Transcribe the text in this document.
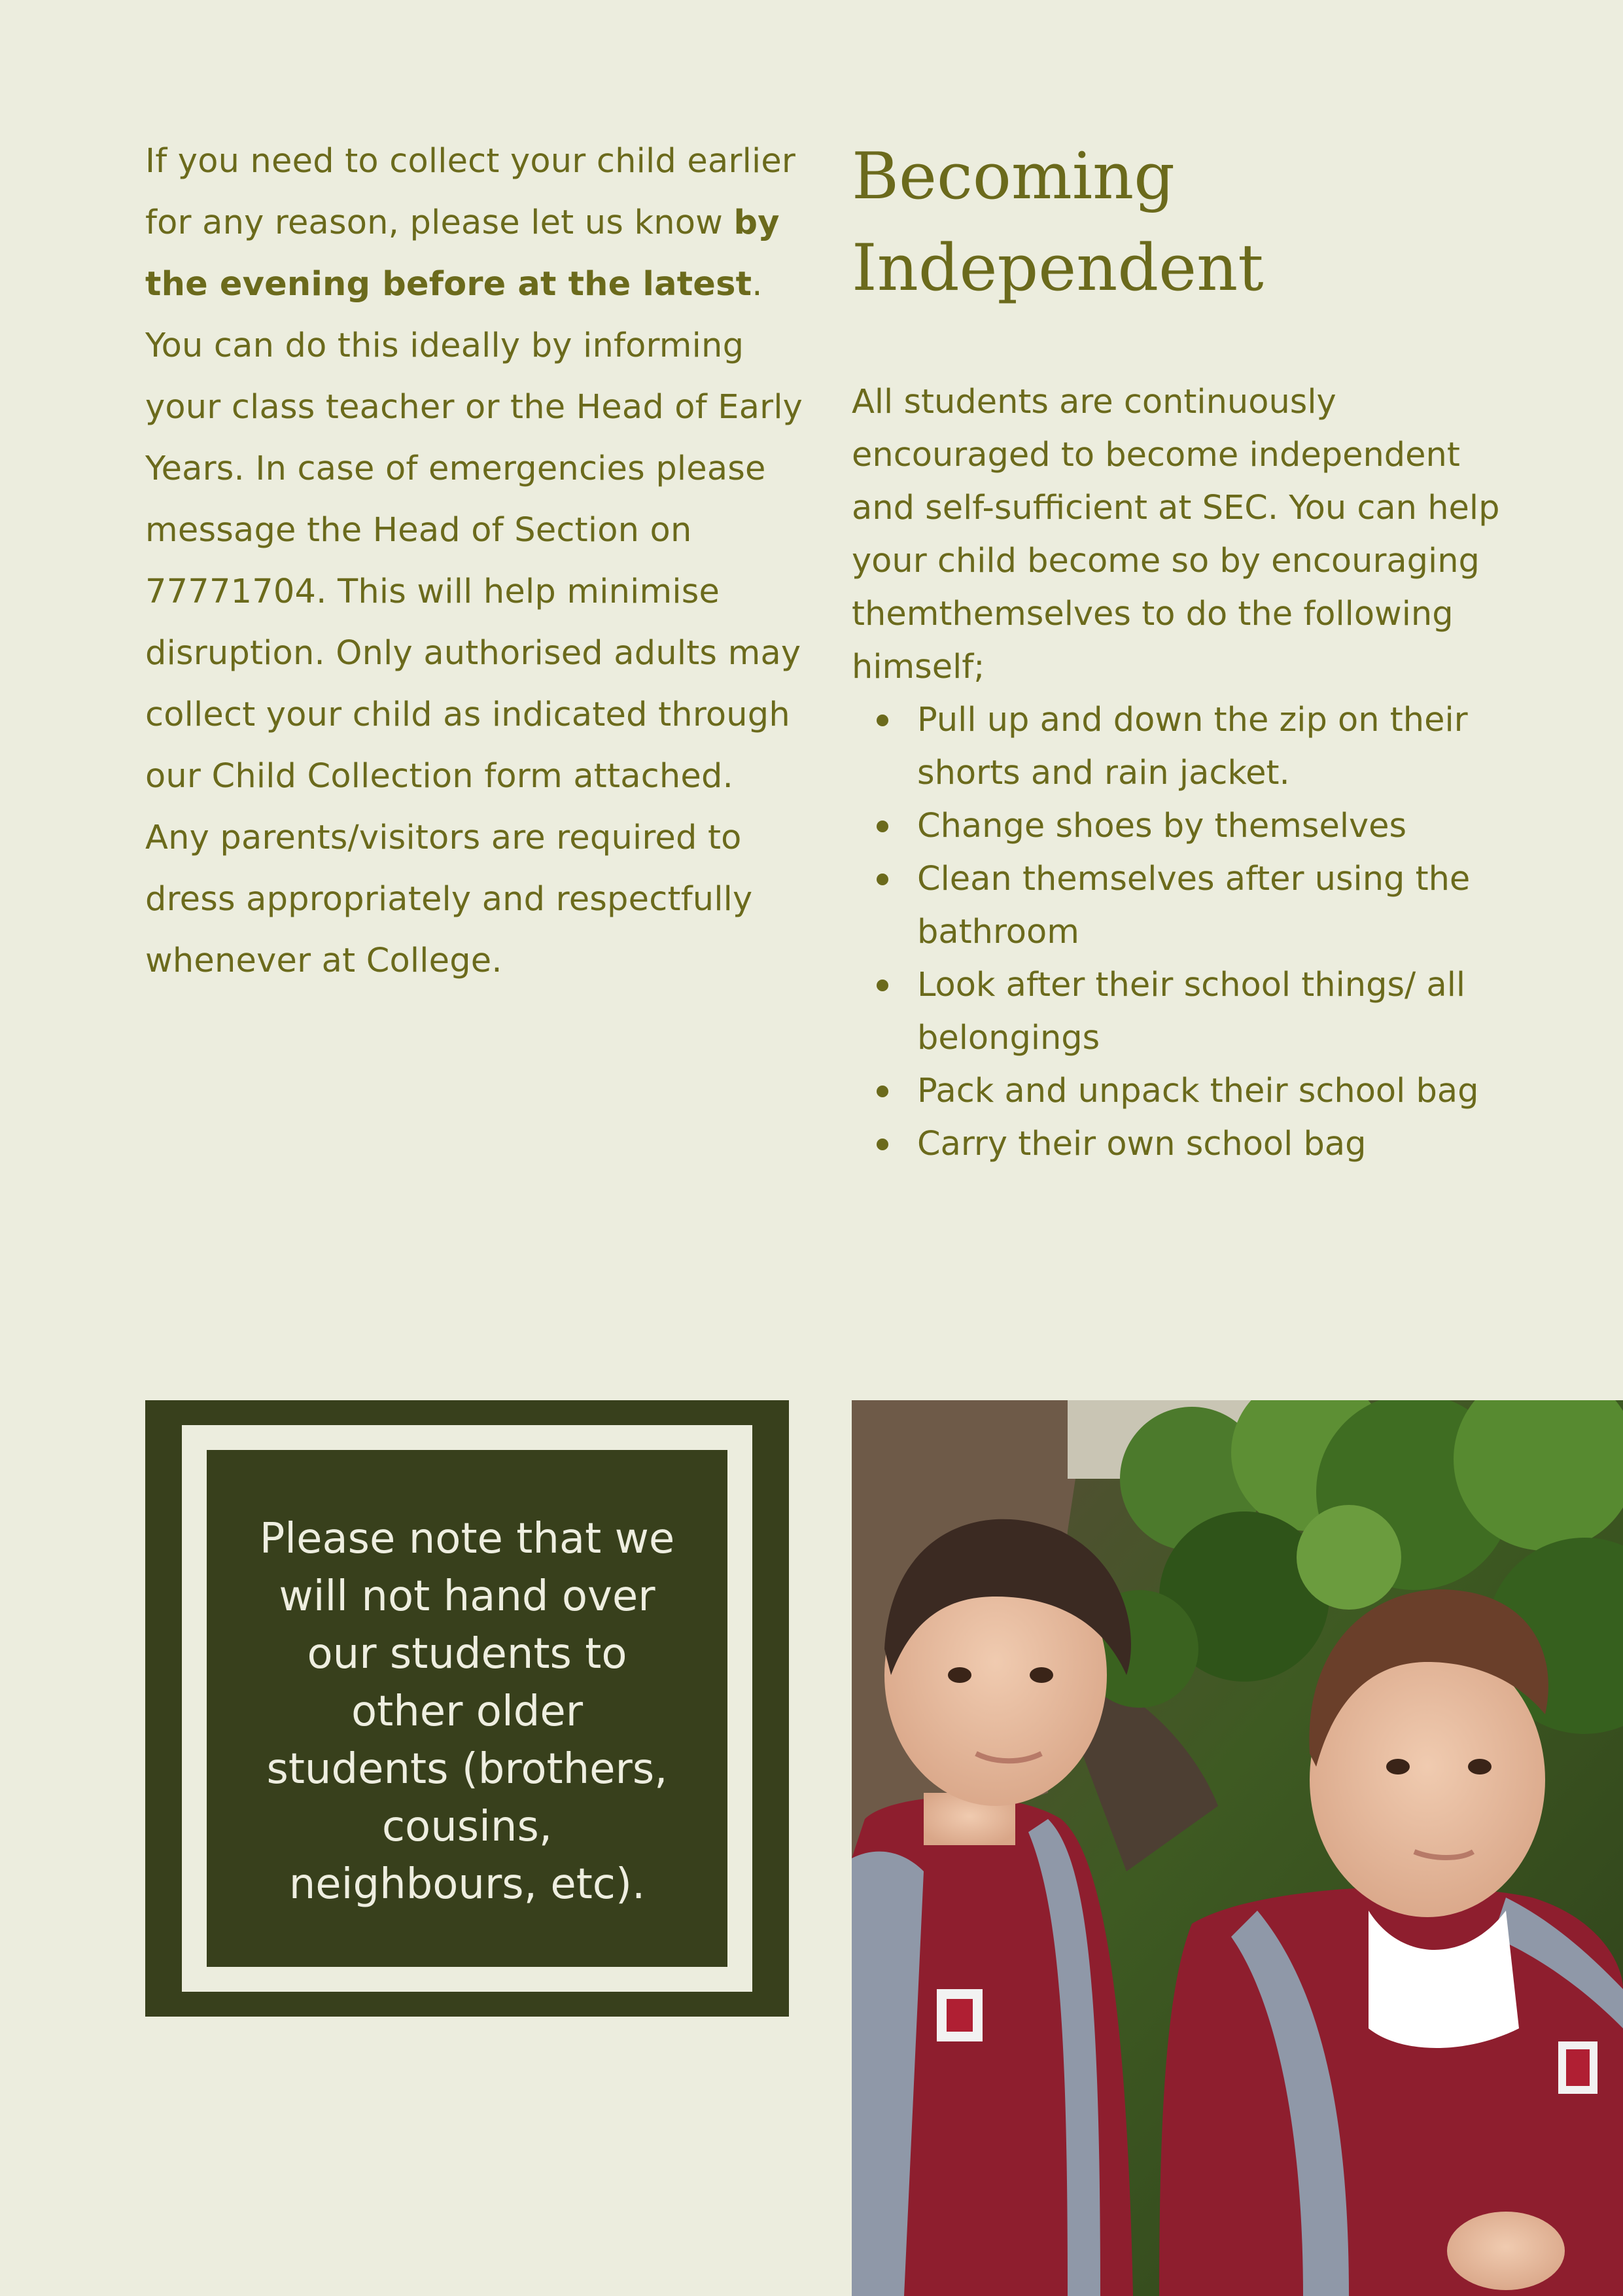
If you need to collect your child earlier for any reason, please let us know by the evening before at the latest. You can do this ideally by informing your class teacher or the Head of Early Years. In case of emergencies please message the Head of Section on 77771704. This will help minimise disruption. Only authorised adults may collect your child as indicated through our Child Collection form attached. Any parents/visitors are required to dress appropriately and respectfully whenever at College.

Becoming
Independent

All students are continuously encouraged to become independent and self-sufficient at SEC. You can help your child become so by encouraging themthemselves to do the following himself;

Pull up and down the zip on their shorts and rain jacket.
Change shoes by themselves
Clean themselves after using the bathroom
Look after their school things/ all belongings
Pack and unpack their school bag
Carry their own school bag
Please note that we will not hand over our students to other older students (brothers, cousins, neighbours, etc).
